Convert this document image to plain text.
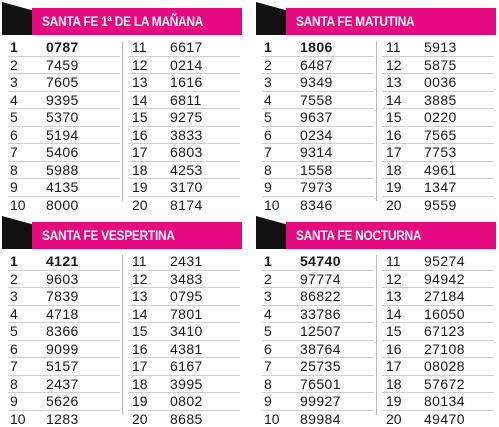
SANTA FE 1ª DE LA MAÑANA
1	0787
2	7459
3	7605
4	9395
5	5370
6	5194
7	5406
8	5988
9	4135
10	8000
11	6617
12	0214
13	1616
14	6811
15	9275
16	3833
17	6803
18	4253
19	3170
20	8174
SANTA FE MATUTINA
1	1806
2	6487
3	9349
4	7558
5	9637
6	0234
7	9314
8	1558
9	7973
10	8346
11	5913
12	5875
13	0036
14	3885
15	0220
16	7565
17	7753
18	4961
19	1347
20	9559
SANTA FE VESPERTINA
1	4121
2	9603
3	7839
4	4718
5	8366
6	9099
7	5157
8	2437
9	5626
10	1283
11	2431
12	3483
13	0795
14	7801
15	3410
16	4381
17	6167
18	3995
19	0802
20	8685
SANTA FE NOCTURNA
1	54740
2	97774
3	86822
4	33786
5	12507
6	38764
7	25735
8	76501
9	99927
10	89984
11	95274
12	94942
13	27184
14	16050
15	67123
16	27108
17	08028
18	57672
19	80134
20	49470
